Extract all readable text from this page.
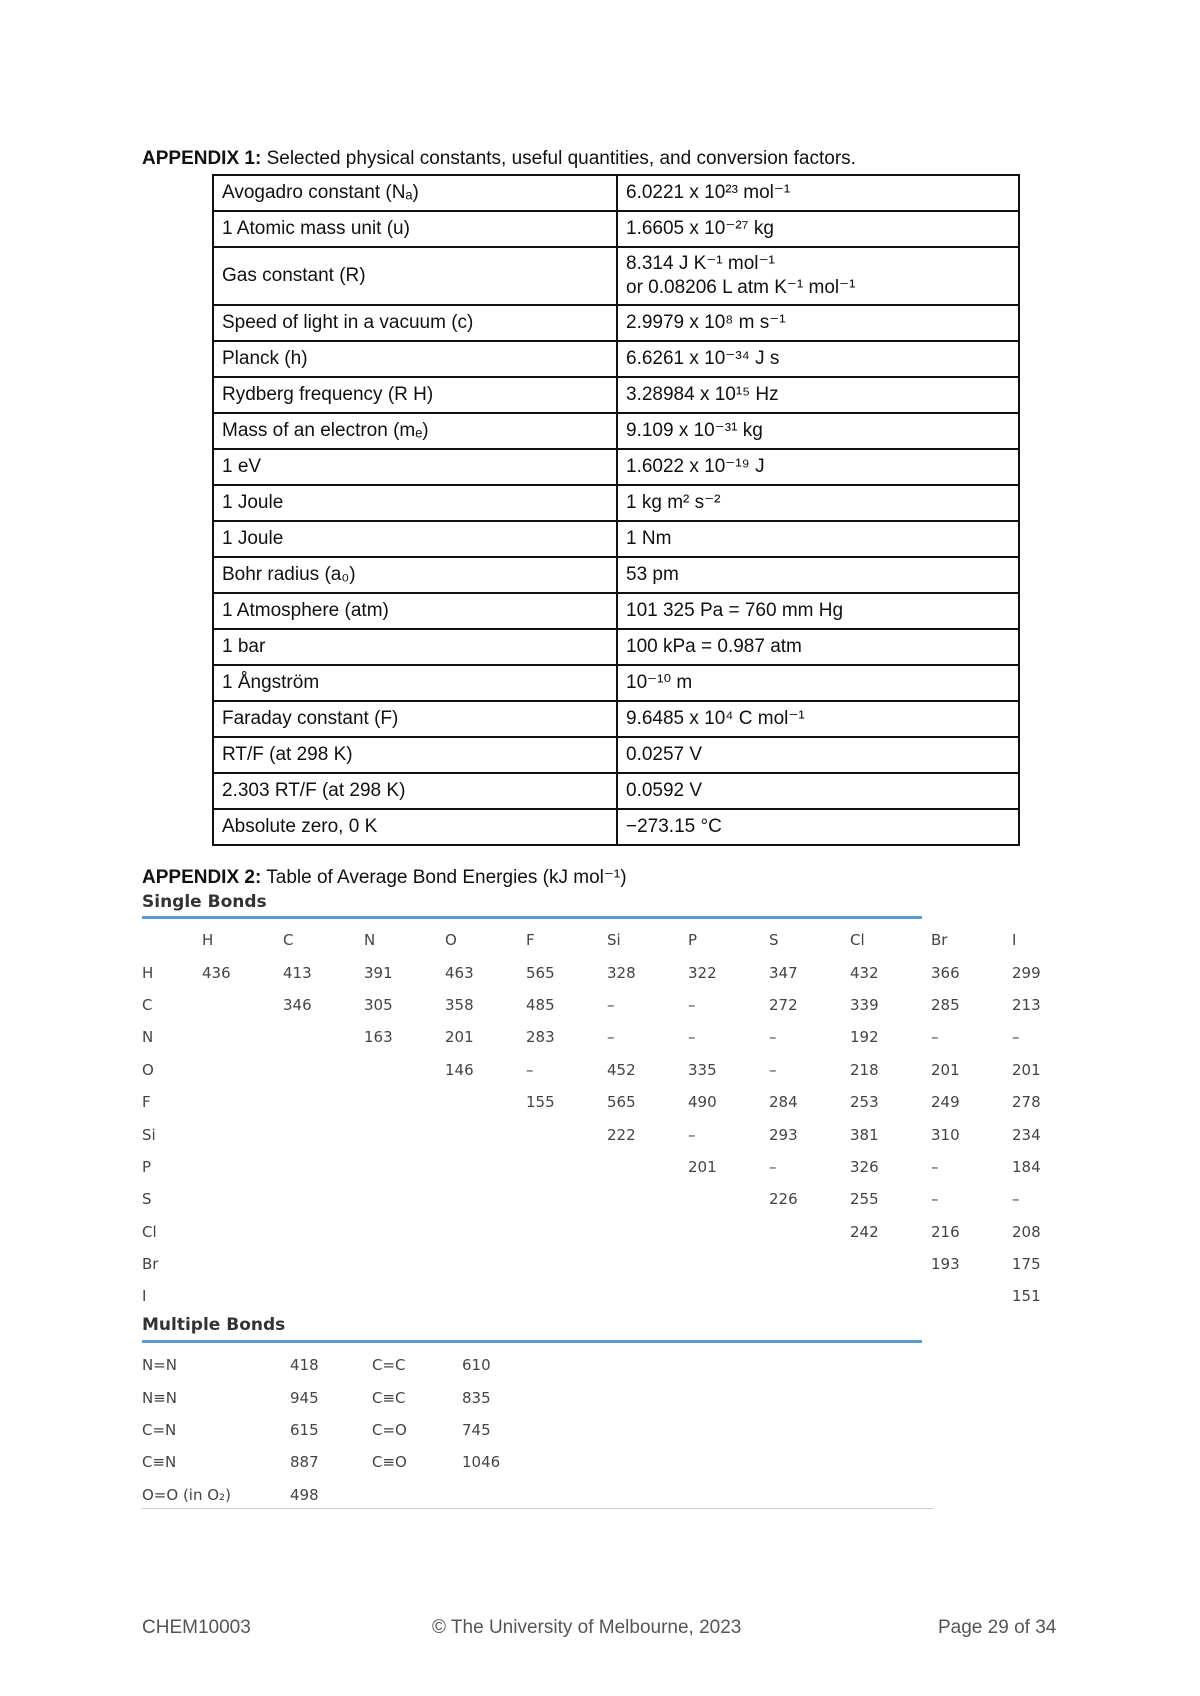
APPENDIX 1: Selected physical constants, useful quantities, and conversion factors.
Avogadro constant (Nₐ)	6.0221 x 10²³ mol⁻¹

1 Atomic mass unit (u)	1.6605 x 10⁻²⁷ kg

Gas constant (R)	8.314 J K⁻¹ mol⁻¹
or 0.08206 L atm K⁻¹ mol⁻¹

Speed of light in a vacuum (c)	2.9979 x 10⁸ m s⁻¹

Planck (h)	6.6261 x 10⁻³⁴ J s

Rydberg frequency (R H)	3.28984 x 10¹⁵ Hz

Mass of an electron (mₑ)	9.109 x 10⁻³¹ kg

1 eV	1.6022 x 10⁻¹⁹ J

1 Joule	1 kg m² s⁻²

1 Joule	1 Nm

Bohr radius (a₀)	53 pm

1 Atmosphere (atm)	101 325 Pa = 760 mm Hg

1 bar	100 kPa = 0.987 atm

1 Ångström	10⁻¹⁰ m

Faraday constant (F)	9.6485 x 10⁴ C mol⁻¹

RT/F (at 298 K)	0.0257 V

2.303 RT/F (at 298 K)	0.0592 V

Absolute zero, 0 K	−273.15 °C
APPENDIX 2: Table of Average Bond Energies (kJ mol⁻¹)
Single Bonds
	H	C	N	O	F	Si	P	S	Cl	Br	I
H	436	413	391	463	565	328	322	347	432	366	299
C		346	305	358	485	–	–	272	339	285	213
N			163	201	283	–	–	–	192	–	–
O				146	–	452	335	–	218	201	201
F					155	565	490	284	253	249	278
Si						222	–	293	381	310	234
P							201	–	326	–	184
S								226	255	–	–
Cl									242	216	208
Br										193	175
I											151
Multiple Bonds
N=N	418	C=C	610
N≡N	945	C≡C	835
C=N	615	C=O	745
C≡N	887	C≡O	1046
O=O (in O₂)	498		
CHEM10003	© The University of Melbourne, 2023	Page 29 of 34
